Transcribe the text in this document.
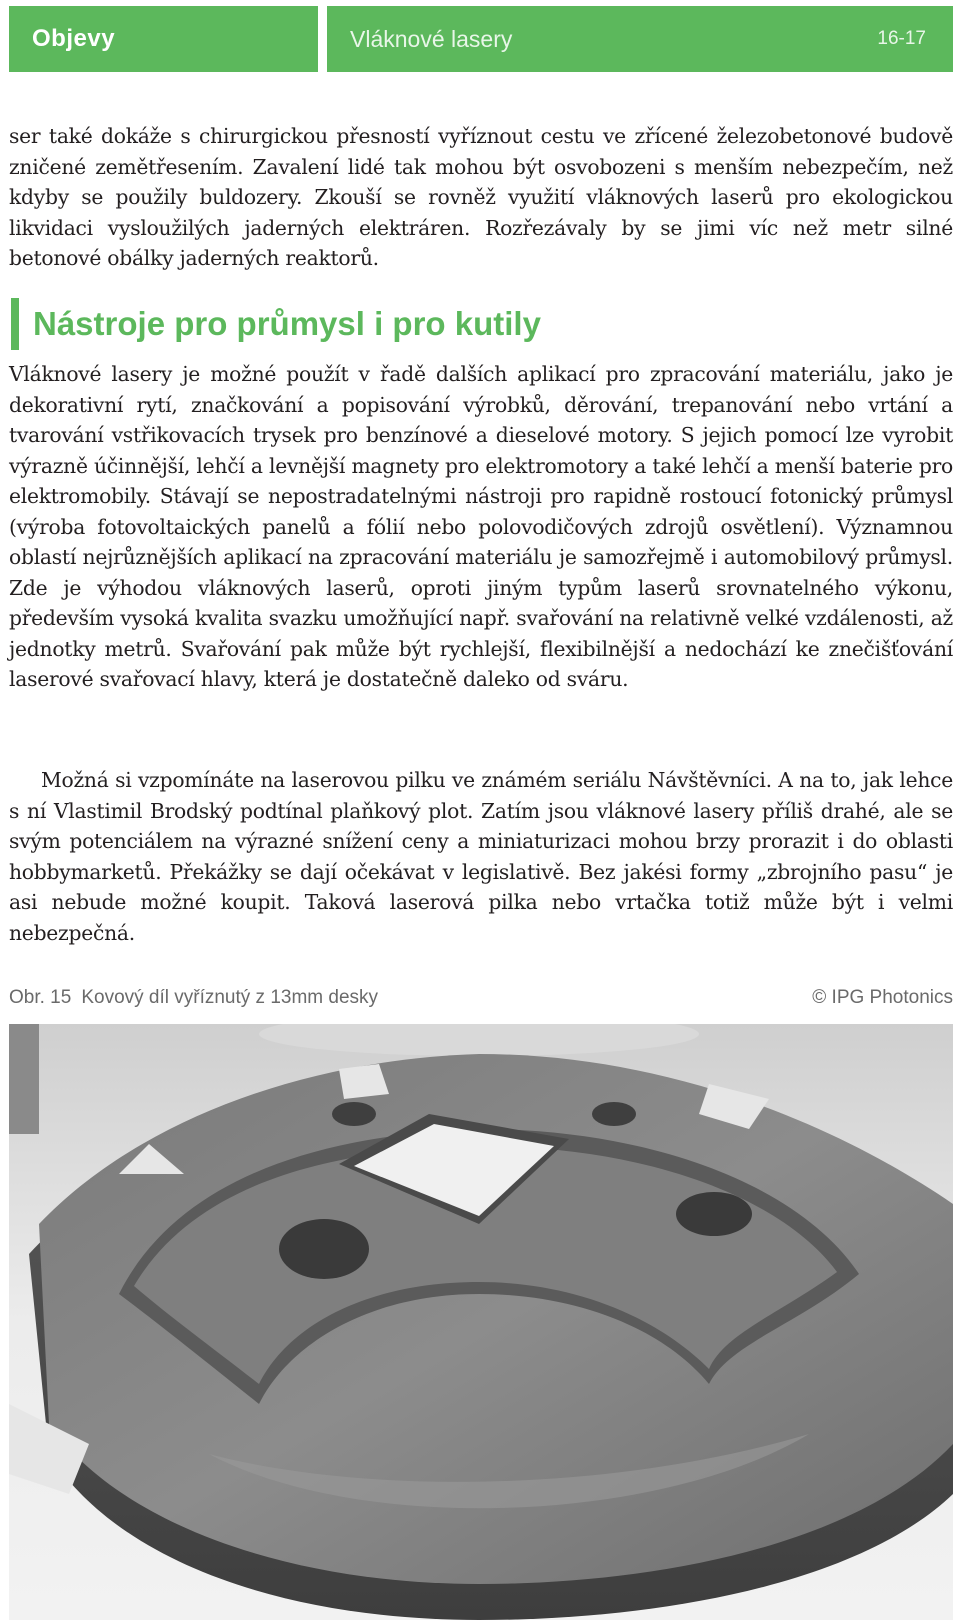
Objevy	Vláknové lasery	16-17

ser také dokáže s chirurgickou přesností vyříznout cestu ve zřícené železobetonové budově zničené zemětřesením. Zavalení lidé tak mohou být osvobozeni s menším nebezpečím, než kdyby se použily buldozery. Zkouší se rovněž využití vláknových laserů pro ekologickou likvidaci vysloužilých jaderných elektráren. Rozřezávaly by se jimi víc než metr silné betonové obálky jaderných reaktorů.

Nástroje pro průmysl i pro kutily

Vláknové lasery je možné použít v řadě dalších aplikací pro zpracování materiálu, jako je dekorativní rytí, značkování a popisování výrobků, děrování, trepanování nebo vrtání a tvarování vstřikovacích trysek pro benzínové a dieselové motory. S jejich pomocí lze vyrobit výrazně účinnější, lehčí a levnější magnety pro elektromotory a také lehčí a menší baterie pro elektromobily. Stávají se nepostradatelnými nástroji pro rapidně rostoucí fotonický průmysl (výroba fotovoltaických panelů a fólií nebo polovodičových zdrojů osvětlení). Významnou oblastí nejrůznějších aplikací na zpracování materiálu je samozřejmě i automobilový průmysl. Zde je výhodou vláknových laserů, oproti jiným typům laserů srovnatelného výkonu, především vysoká kvalita svazku umožňující např. svařování na relativně velké vzdálenosti, až jednotky metrů. Svařování pak může být rychlejší, flexibilnější a nedochází ke znečišťování laserové svařovací hlavy, která je dostatečně daleko od sváru.

Možná si vzpomínáte na laserovou pilku ve známém seriálu Návštěvníci. A na to, jak lehce s ní Vlastimil Brodský podtínal plaňkový plot. Zatím jsou vláknové lasery příliš drahé, ale se svým potenciálem na výrazné snížení ceny a miniaturizaci mohou brzy prorazit i do oblasti hobbymarketů. Překážky se dají očekávat v legislativě. Bez jakési formy „zbrojního pasu“ je asi nebude možné koupit. Taková laserová pilka nebo vrtačka totiž může být i velmi nebezpečná.

Obr. 15 Kovový díl vyříznutý z 13mm desky	© IPG Photonics
